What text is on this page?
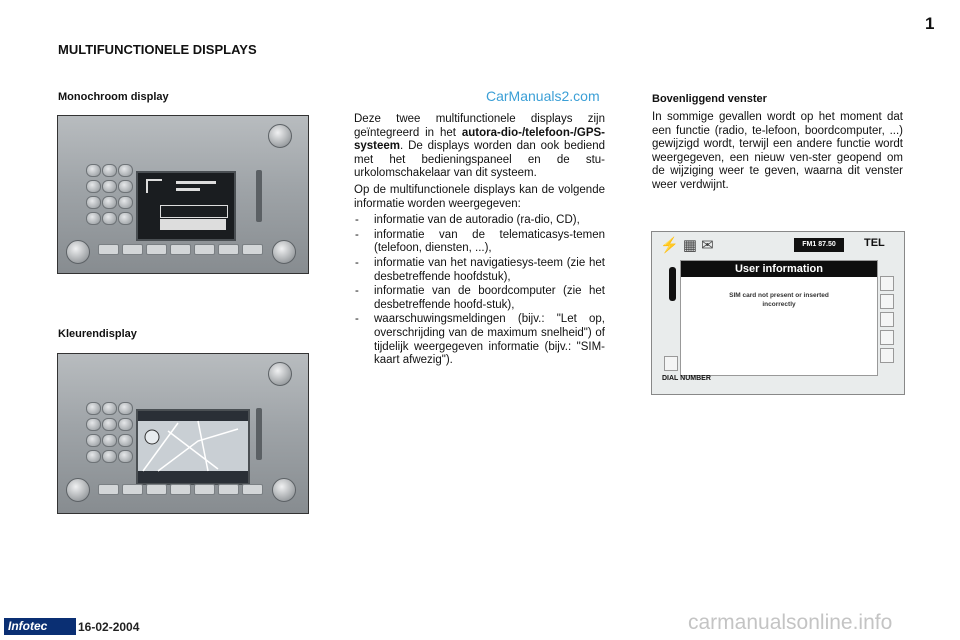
1
MULTIFUNCTIONELE DISPLAYS
Monochroom display	CarManuals2.com
Kleurendisplay

Deze twee multifunctionele displays zijn geïntegreerd in het autora-dio-/telefoon-/GPS-systeem. De displays worden dan ook bediend met het bedieningspaneel en de stu-urkolomschakelaar van dit systeem.

Op de multifunctionele displays kan de volgende informatie worden weergegeven:

- informatie van de autoradio (ra-dio, CD),
- informatie van de telematicasys-temen (telefoon, diensten, ...),
- informatie van het navigatiesys-teem (zie het desbetreffende hoofdstuk),
- informatie van de boordcomputer (zie het desbetreffende hoofd-stuk),
- waarschuwingsmeldingen (bijv.: "Let op, overschrijding van de maximum snelheid") of tijdelijk weergegeven informatie (bijv.: "SIM-kaart afwezig").
Bovenliggend venster
In sommige gevallen wordt op het moment dat een functie (radio, te-lefoon, boordcomputer, ...) gewijzigd wordt, terwijl een andere functie wordt weergegeven, een nieuw ven-ster geopend om de wijziging weer te geven, waarna dit venster weer verdwijnt.
⚡ ▦ ✉	FM1 87.50	TEL
User information
SIM card not present or inserted incorrectly
DIAL NUMBER
Infotec	16-02-2004	carmanualsonline.info
